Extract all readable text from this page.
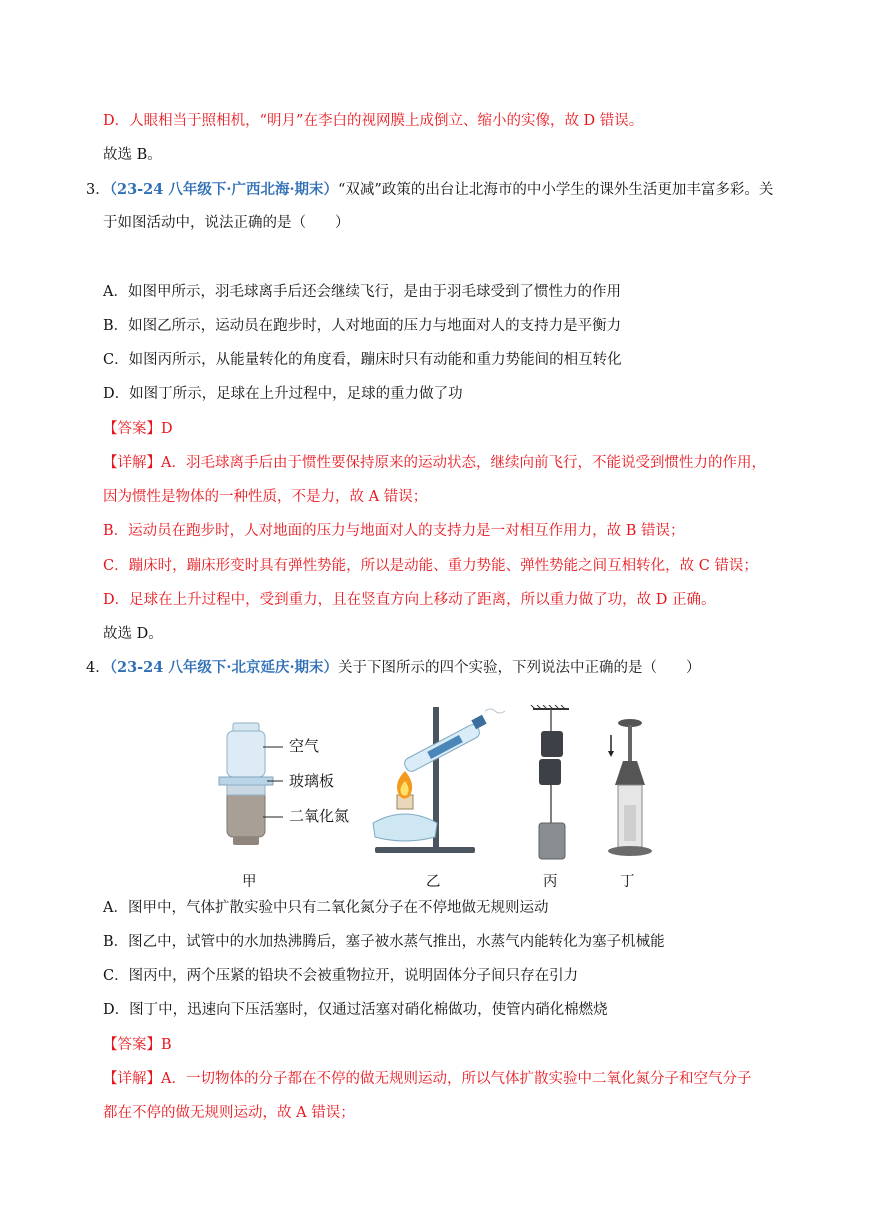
D．人眼相当于照相机，“明月”在李白的视网膜上成倒立、缩小的实像，故 D 错误。
故选 B。
3．（23-24 八年级下·广西北海·期末）“双减”政策的出台让北海市的中小学生的课外生活更加丰富多彩。关
于如图活动中，说法正确的是（　　）
A．如图甲所示，羽毛球离手后还会继续飞行，是由于羽毛球受到了惯性力的作用
B．如图乙所示，运动员在跑步时，人对地面的压力与地面对人的支持力是平衡力
C．如图丙所示，从能量转化的角度看，蹦床时只有动能和重力势能间的相互转化
D．如图丁所示，足球在上升过程中，足球的重力做了功
【答案】D
【详解】A．羽毛球离手后由于惯性要保持原来的运动状态，继续向前飞行，不能说受到惯性力的作用，
因为惯性是物体的一种性质，不是力，故 A 错误；
B．运动员在跑步时，人对地面的压力与地面对人的支持力是一对相互作用力，故 B 错误；
C．蹦床时，蹦床形变时具有弹性势能，所以是动能、重力势能、弹性势能之间互相转化，故 C 错误；
D．足球在上升过程中，受到重力，且在竖直方向上移动了距离，所以重力做了功，故 D 正确。
故选 D。
4．（23-24 八年级下·北京延庆·期末）关于下图所示的四个实验，下列说法中正确的是（　　）
空气
玻璃板
二氧化氮
甲	乙	丙	丁
A．图甲中，气体扩散实验中只有二氧化氮分子在不停地做无规则运动
B．图乙中，试管中的水加热沸腾后，塞子被水蒸气推出，水蒸气内能转化为塞子机械能
C．图丙中，两个压紧的铅块不会被重物拉开，说明固体分子间只存在引力
D．图丁中，迅速向下压活塞时，仅通过活塞对硝化棉做功，使管内硝化棉燃烧
【答案】B
【详解】A．一切物体的分子都在不停的做无规则运动，所以气体扩散实验中二氧化氮分子和空气分子
都在不停的做无规则运动，故 A 错误；
